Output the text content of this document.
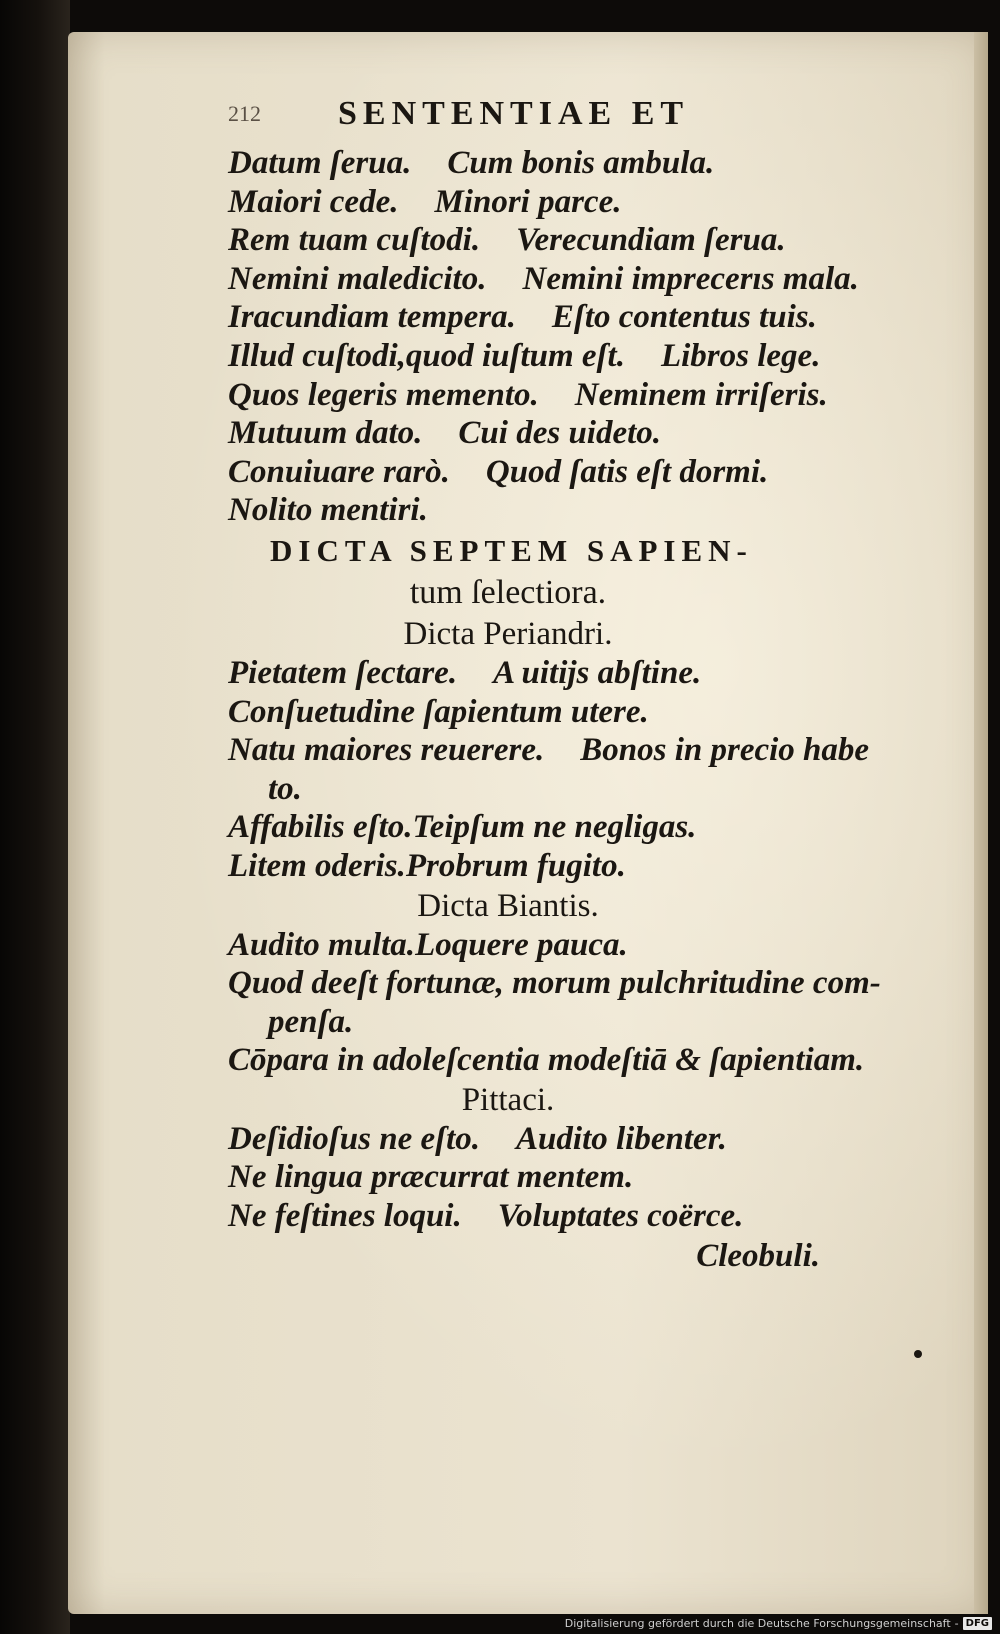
212	SENTENTIAE ET
Datum ſerua. Cum bonis ambula.
Maiori cede. Minori parce.
Rem tuam cuſtodi. Verecundiam ſerua.
Nemini maledicito. Nemini imprecerıs mala.
Iracundiam tempera. Eſto contentus tuis.
Illud cuſtodi,quod iuſtum eſt. Libros lege.
Quos legeris memento. Neminem irriſeris.
Mutuum dato. Cui des uideto.
Conuiuare rarò. Quod ſatis eſt dormi.
Nolito mentiri.
DICTA SEPTEM SAPIEN-
tum ſelectiora.
Dicta Periandri.
Pietatem ſectare. A uitijs abſtine.
Conſuetudine ſapientum utere.
Natu maiores reuerere. Bonos in precio habe
to.
Affabilis eſto.Teipſum ne negligas.
Litem oderis.Probrum fugito.
Dicta Biantis.
Audito multa.Loquere pauca.
Quod deeſt fortunæ, morum pulchritudine com-
penſa.
Cōpara in adoleſcentia modeſtiā & ſapientiam.
Pittaci.
Deſidioſus ne eſto. Audito libenter.
Ne lingua præcurrat mentem.
Ne feſtines loqui. Voluptates coërce.
Cleobuli.
Digitalisierung gefördert durch die Deutsche Forschungsgemeinschaft - DFG
